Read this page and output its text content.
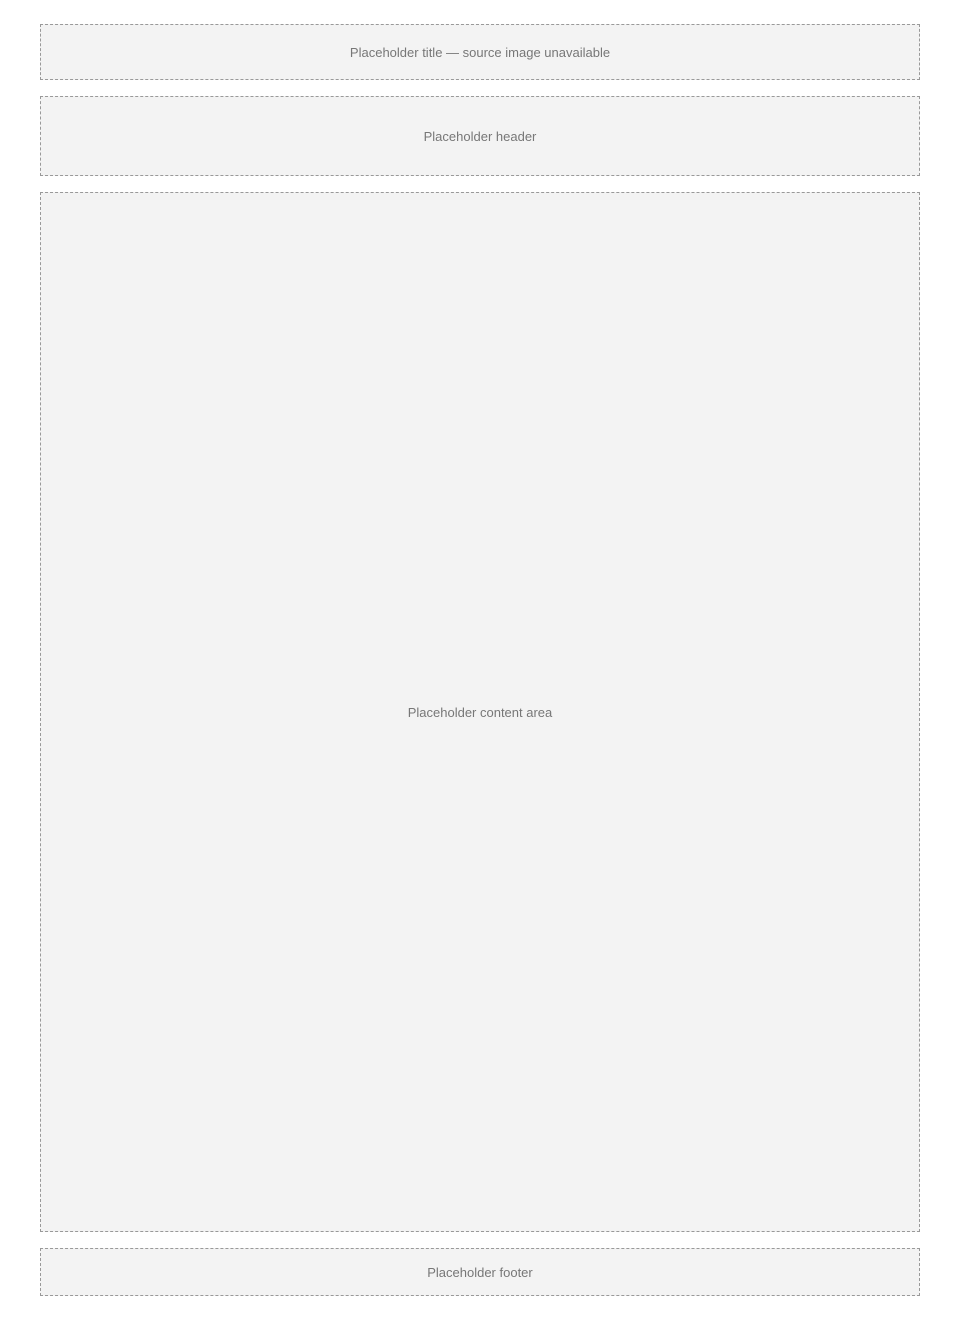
Placeholder title — source image unavailable
Placeholder header
Placeholder content area
Placeholder footer
